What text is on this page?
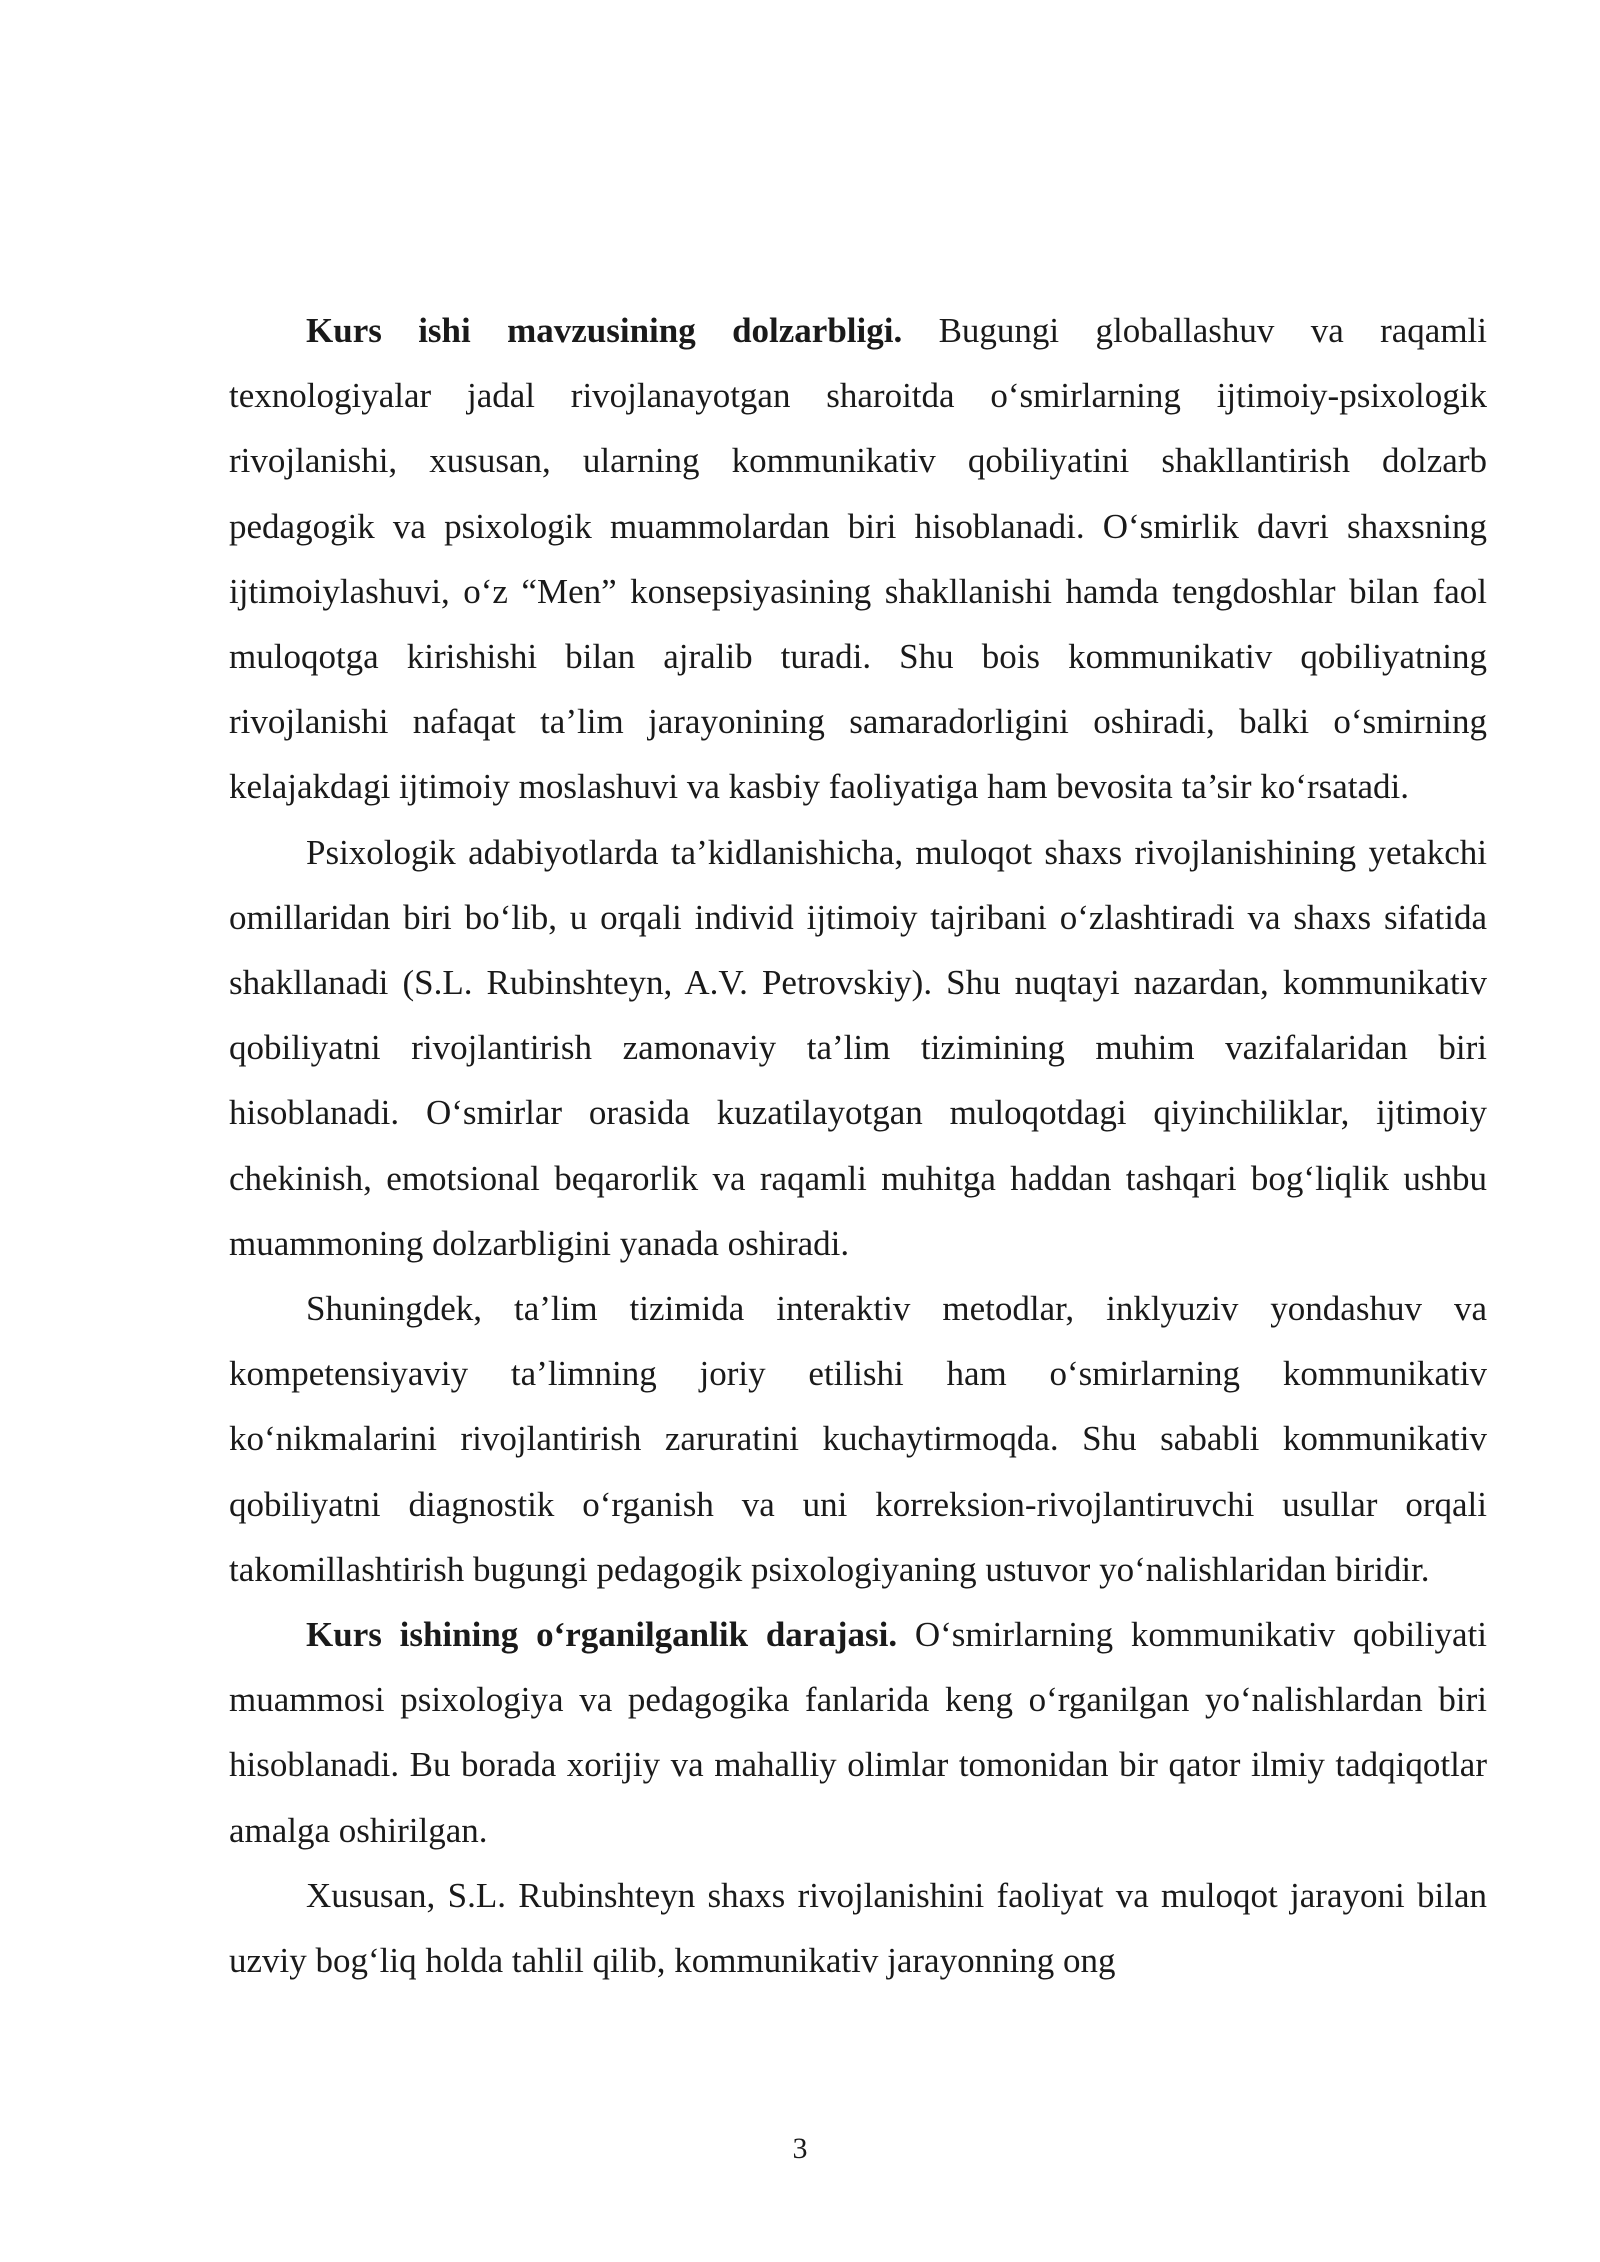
Kurs ishi mavzusining dolzarbligi. Bugungi globallashuv va raqamli texnologiyalar jadal rivojlanayotgan sharoitda o‘smirlarning ijtimoiy-psixologik rivojlanishi, xususan, ularning kommunikativ qobiliyatini shakllantirish dolzarb pedagogik va psixologik muammolardan biri hisoblanadi. O‘smirlik davri shaxsning ijtimoiylashuvi, o‘z “Men” konsepsiyasining shakllanishi hamda tengdoshlar bilan faol muloqotga kirishishi bilan ajralib turadi. Shu bois kommunikativ qobiliyatning rivojlanishi nafaqat ta’lim jarayonining samaradorligini oshiradi, balki o‘smirning kelajakdagi ijtimoiy moslashuvi va kasbiy faoliyatiga ham bevosita ta’sir ko‘rsatadi.

Psixologik adabiyotlarda ta’kidlanishicha, muloqot shaxs rivojlanishining yetakchi omillaridan biri bo‘lib, u orqali individ ijtimoiy tajribani o‘zlashtiradi va shaxs sifatida shakllanadi (S.L. Rubinshteyn, A.V. Petrovskiy). Shu nuqtayi nazardan, kommunikativ qobiliyatni rivojlantirish zamonaviy ta’lim tizimining muhim vazifalaridan biri hisoblanadi. O‘smirlar orasida kuzatilayotgan muloqotdagi qiyinchiliklar, ijtimoiy chekinish, emotsional beqarorlik va raqamli muhitga haddan tashqari bog‘liqlik ushbu muammoning dolzarbligini yanada oshiradi.

Shuningdek, ta’lim tizimida interaktiv metodlar, inklyuziv yondashuv va kompetensiyaviy ta’limning joriy etilishi ham o‘smirlarning kommunikativ ko‘nikmalarini rivojlantirish zaruratini kuchaytirmoqda. Shu sababli kommunikativ qobiliyatni diagnostik o‘rganish va uni korreksion-rivojlantiruvchi usullar orqali takomillashtirish bugungi pedagogik psixologiyaning ustuvor yo‘nalishlaridan biridir.

Kurs ishining o‘rganilganlik darajasi. O‘smirlarning kommunikativ qobiliyati muammosi psixologiya va pedagogika fanlarida keng o‘rganilgan yo‘nalishlardan biri hisoblanadi. Bu borada xorijiy va mahalliy olimlar tomonidan bir qator ilmiy tadqiqotlar amalga oshirilgan.

Xususan, S.L. Rubinshteyn shaxs rivojlanishini faoliyat va muloqot jarayoni bilan uzviy bog‘liq holda tahlil qilib, kommunikativ jarayonning ong

3
